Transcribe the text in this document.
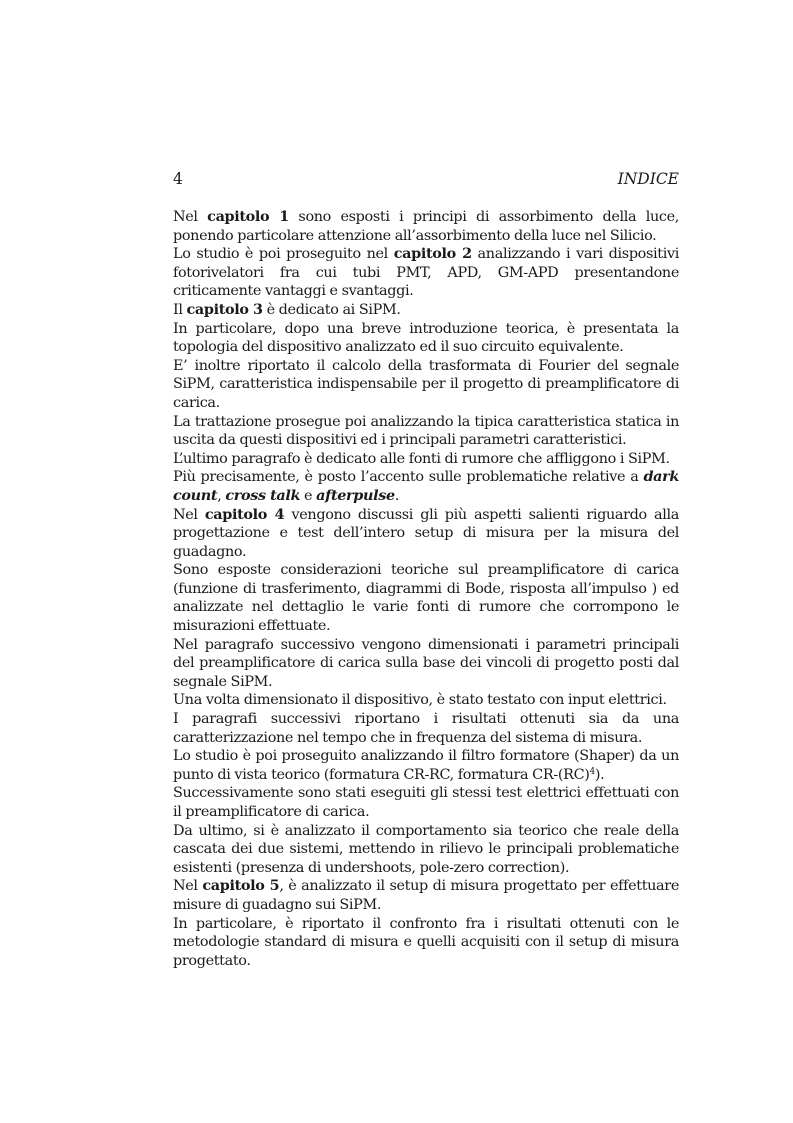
4	INDICE

Nel capitolo 1 sono esposti i principi di assorbimento della luce, ponendo particolare attenzione all’assorbimento della luce nel Silicio.

Lo studio è poi proseguito nel capitolo 2 analizzando i vari dispositivi fotorivelatori fra cui tubi PMT, APD, GM-APD presentandone criticamente vantaggi e svantaggi.

Il capitolo 3 è dedicato ai SiPM.

In particolare, dopo una breve introduzione teorica, è presentata la topologia del dispositivo analizzato ed il suo circuito equivalente.

E’ inoltre riportato il calcolo della trasformata di Fourier del segnale SiPM, caratteristica indispensabile per il progetto di preamplificatore di carica.

La trattazione prosegue poi analizzando la tipica caratteristica statica in uscita da questi dispositivi ed i principali parametri caratteristici.

L’ultimo paragrafo è dedicato alle fonti di rumore che affliggono i SiPM.

Più precisamente, è posto l’accento sulle problematiche relative a dark count, cross talk e afterpulse.

Nel capitolo 4 vengono discussi gli più aspetti salienti riguardo alla progettazione e test dell’intero setup di misura per la misura del guadagno.

Sono esposte considerazioni teoriche sul preamplificatore di carica (funzione di trasferimento, diagrammi di Bode, risposta all’impulso ) ed analizzate nel dettaglio le varie fonti di rumore che corrompono le misurazioni effettuate.

Nel paragrafo successivo vengono dimensionati i parametri principali del preamplificatore di carica sulla base dei vincoli di progetto posti dal segnale SiPM.

Una volta dimensionato il dispositivo, è stato testato con input elettrici.

I paragrafi successivi riportano i risultati ottenuti sia da una caratterizzazione nel tempo che in frequenza del sistema di misura.

Lo studio è poi proseguito analizzando il filtro formatore (Shaper) da un punto di vista teorico (formatura CR-RC, formatura CR-(RC)$^4$).

Successivamente sono stati eseguiti gli stessi test elettrici effettuati con il preamplificatore di carica.

Da ultimo, si è analizzato il comportamento sia teorico che reale della cascata dei due sistemi, mettendo in rilievo le principali problematiche esistenti (presenza di undershoots, pole-zero correction).

Nel capitolo 5, è analizzato il setup di misura progettato per effettuare misure di guadagno sui SiPM.

In particolare, è riportato il confronto fra i risultati ottenuti con le metodologie standard di misura e quelli acquisiti con il setup di misura progettato.
